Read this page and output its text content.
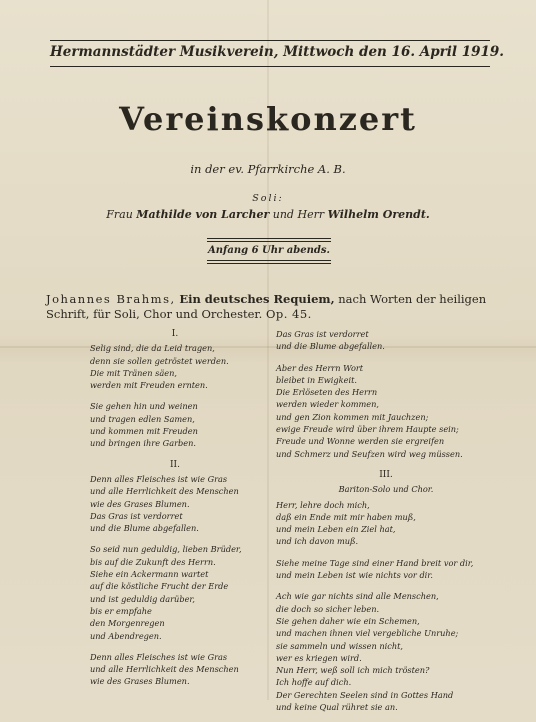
Hermannstädter Musikverein, Mittwoch den 16. April 1919.
Vereinskonzert
in der ev. Pfarrkirche A. B.
Soli:
Frau Mathilde von Larcher und Herr Wilhelm Orendt.
Anfang 6 Uhr abends.
Johannes Brahms, Ein deutsches Requiem, nach Worten der heiligen Schrift, für Soli, Chor und Orchester. Op. 45.
I.
Selig sind, die da Leid tragen,
denn sie sollen getröstet werden.
Die mit Tränen säen,
werden mit Freuden ernten.
Sie gehen hin und weinen
und tragen edlen Samen,
und kommen mit Freuden
und bringen ihre Garben.
II.
Denn alles Fleisches ist wie Gras
und alle Herrlichkeit des Menschen
wie des Grases Blumen.
Das Gras ist verdorret
und die Blume abgefallen.
So seid nun geduldig, lieben Brüder,
bis auf die Zukunft des Herrn.
Siehe ein Ackermann wartet
auf die köstliche Frucht der Erde
und ist geduldig darüber,
bis er empfahe
den Morgenregen
und Abendregen.
Denn alles Fleisches ist wie Gras
und alle Herrlichkeit des Menschen
wie des Grases Blumen.
Das Gras ist verdorret
und die Blume abgefallen.
Aber des Herrn Wort
bleibet in Ewigkeit.
Die Erlöseten des Herrn
werden wieder kommen,
und gen Zion kommen mit Jauchzen;
ewige Freude wird über ihrem Haupte sein;
Freude und Wonne werden sie ergreifen
und Schmerz und Seufzen wird weg müssen.
III.
Bariton-Solo und Chor.
Herr, lehre doch mich,
daß ein Ende mit mir haben muß,
und mein Leben ein Ziel hat,
und ich davon muß.
Siehe meine Tage sind einer Hand breit vor dir,
und mein Leben ist wie nichts vor dir.
Ach wie gar nichts sind alle Menschen,
die doch so sicher leben.
Sie gehen daher wie ein Schemen,
und machen ihnen viel vergebliche Unruhe;
sie sammeln und wissen nicht,
wer es kriegen wird.
Nun Herr, weß soll ich mich trösten?
Ich hoffe auf dich.
Der Gerechten Seelen sind in Gottes Hand
und keine Qual rühret sie an.
